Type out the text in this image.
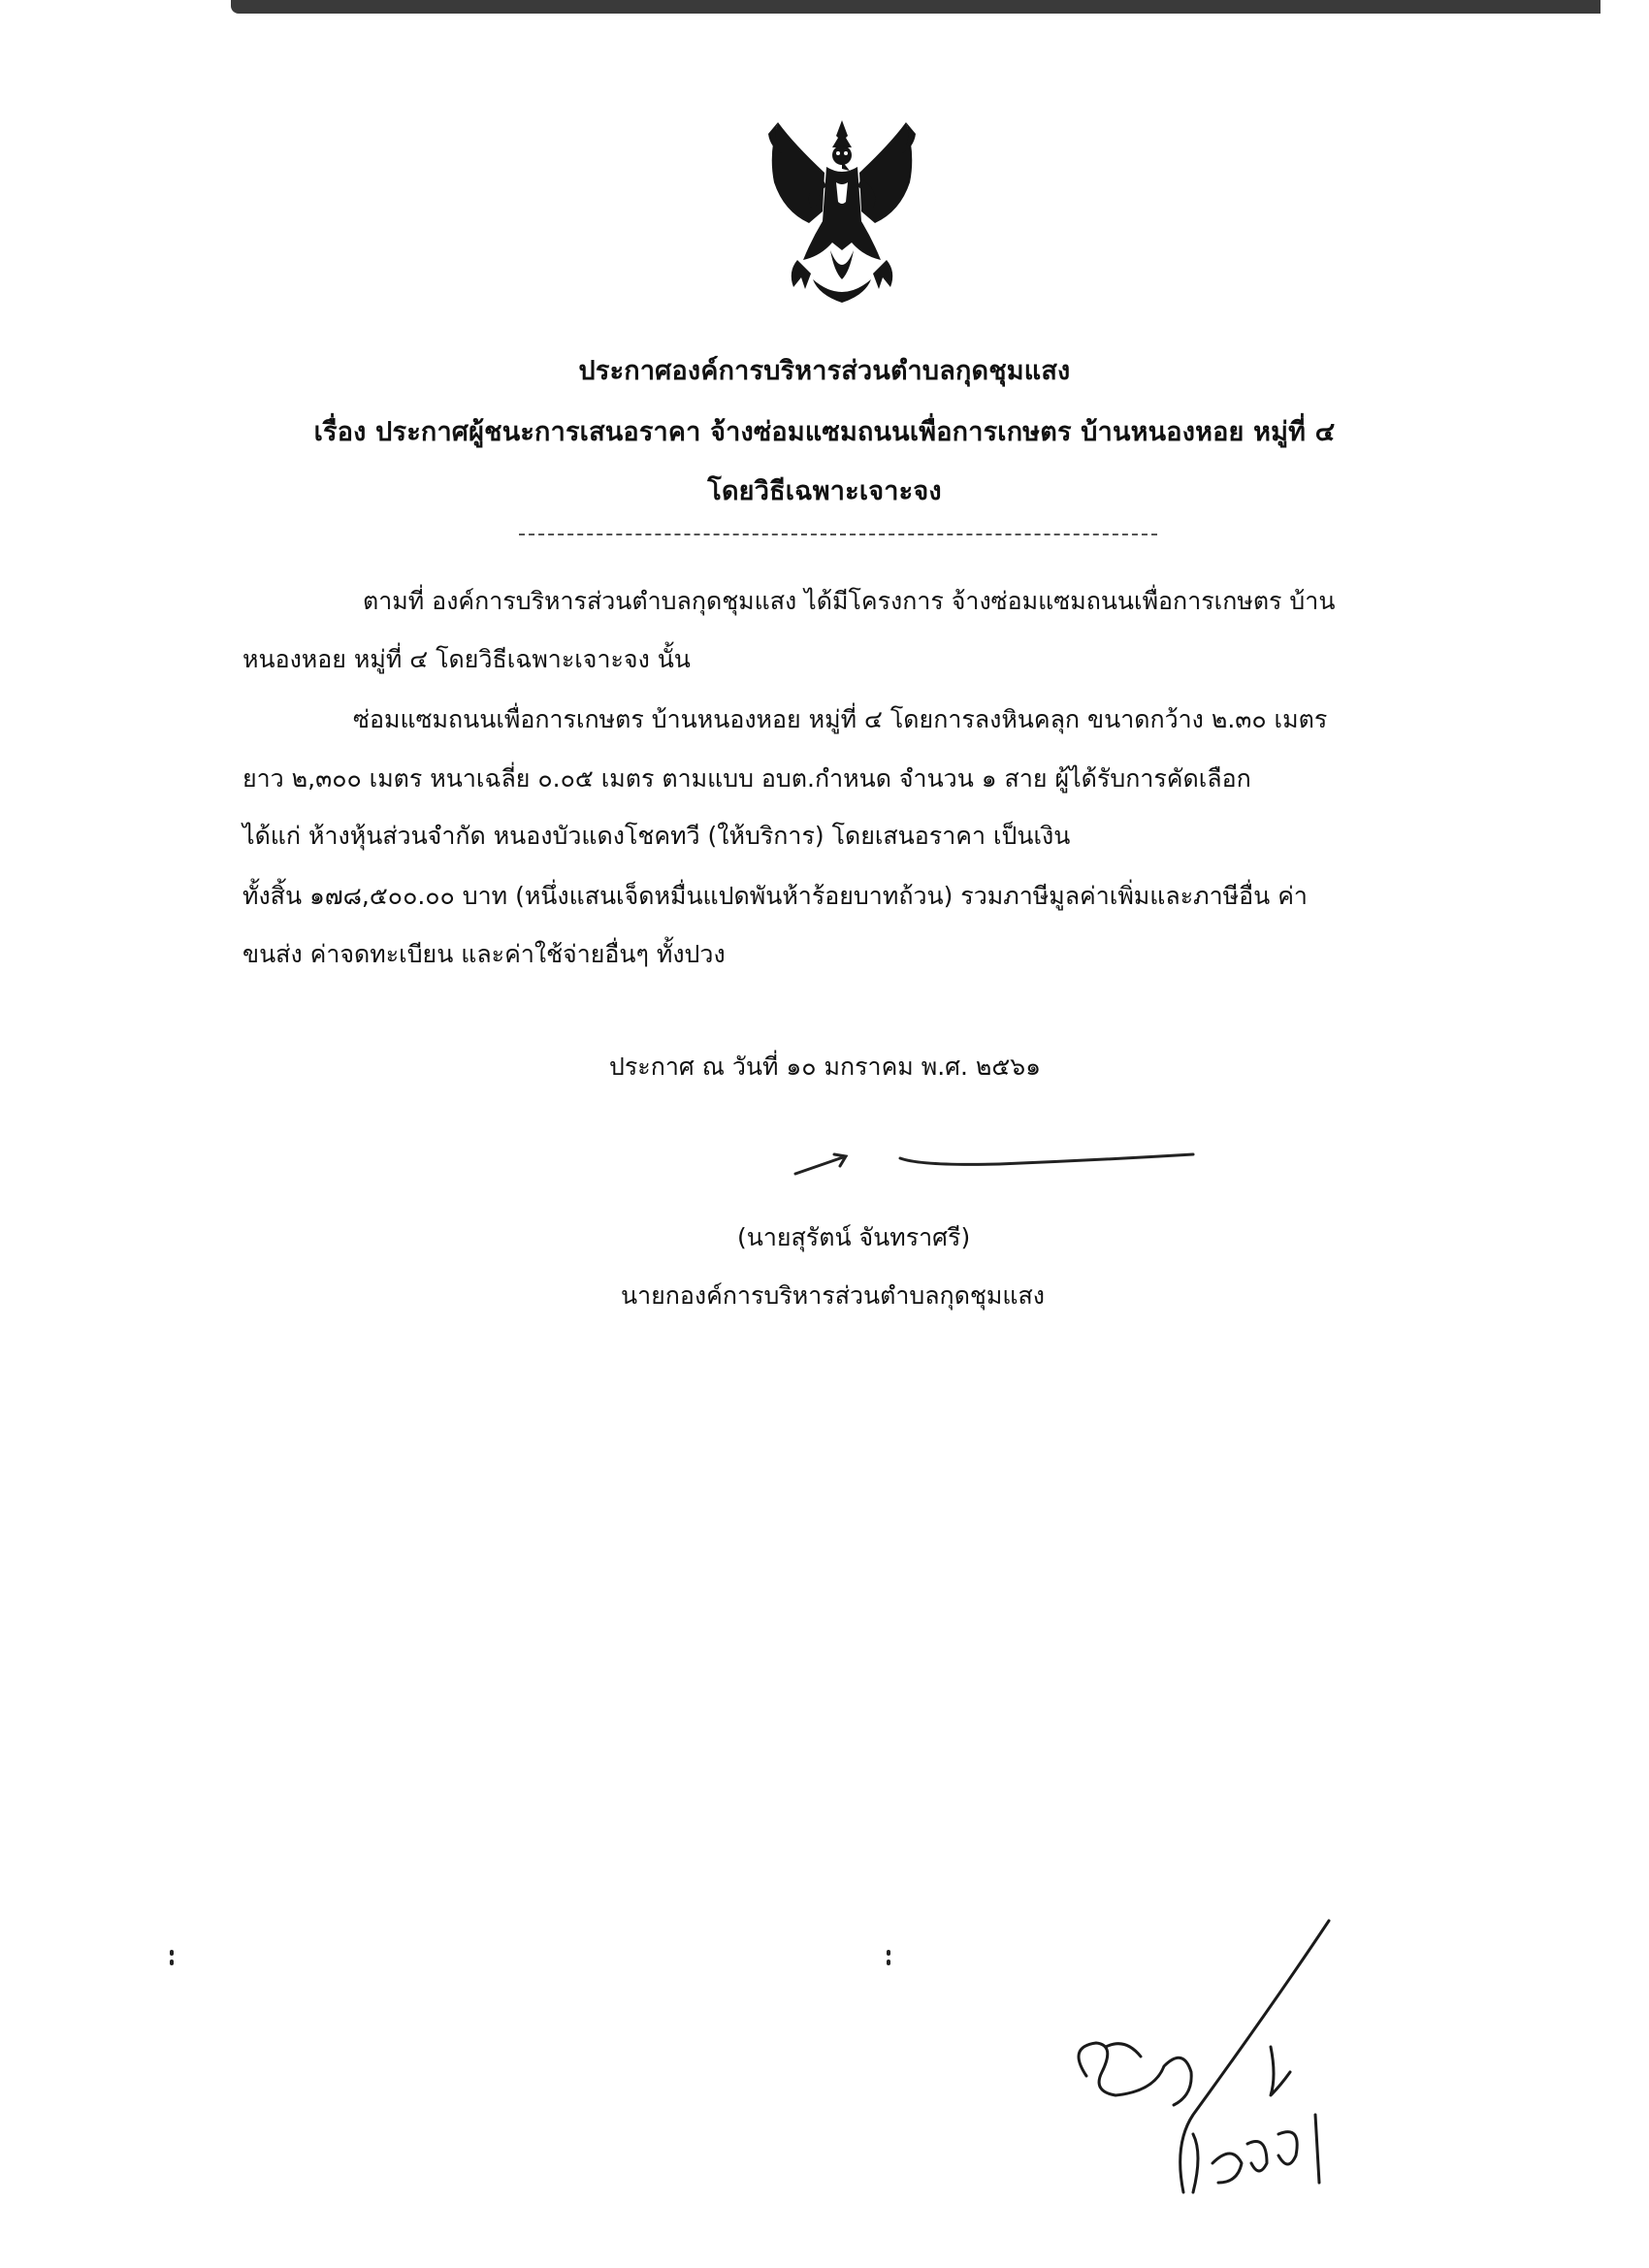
ประกาศองค์การบริหารส่วนตำบลกุดชุมแสง
เรื่อง ประกาศผู้ชนะการเสนอราคา จ้างซ่อมแซมถนนเพื่อการเกษตร บ้านหนองหอย หมู่ที่ ๔
โดยวิธีเฉพาะเจาะจง
ตามที่ องค์การบริหารส่วนตำบลกุดชุมแสง ได้มีโครงการ จ้างซ่อมแซมถนนเพื่อการเกษตร บ้าน
หนองหอย หมู่ที่ ๔ โดยวิธีเฉพาะเจาะจง นั้น
ซ่อมแซมถนนเพื่อการเกษตร บ้านหนองหอย หมู่ที่ ๔ โดยการลงหินคลุก ขนาดกว้าง ๒.๓๐ เมตร
ยาว ๒,๓๐๐ เมตร หนาเฉลี่ย ๐.๐๕ เมตร ตามแบบ อบต.กำหนด จำนวน ๑ สาย ผู้ได้รับการคัดเลือก
ได้แก่ ห้างหุ้นส่วนจำกัด หนองบัวแดงโชคทวี (ให้บริการ) โดยเสนอราคา เป็นเงิน
ทั้งสิ้น ๑๗๘,๕๐๐.๐๐ บาท (หนึ่งแสนเจ็ดหมื่นแปดพันห้าร้อยบาทถ้วน) รวมภาษีมูลค่าเพิ่มและภาษีอื่น ค่า
ขนส่ง ค่าจดทะเบียน และค่าใช้จ่ายอื่นๆ ทั้งปวง
ประกาศ ณ วันที่ ๑๐ มกราคม พ.ศ. ๒๕๖๑
(นายสุรัตน์ จันทราศรี)
นายกองค์การบริหารส่วนตำบลกุดชุมแสง
